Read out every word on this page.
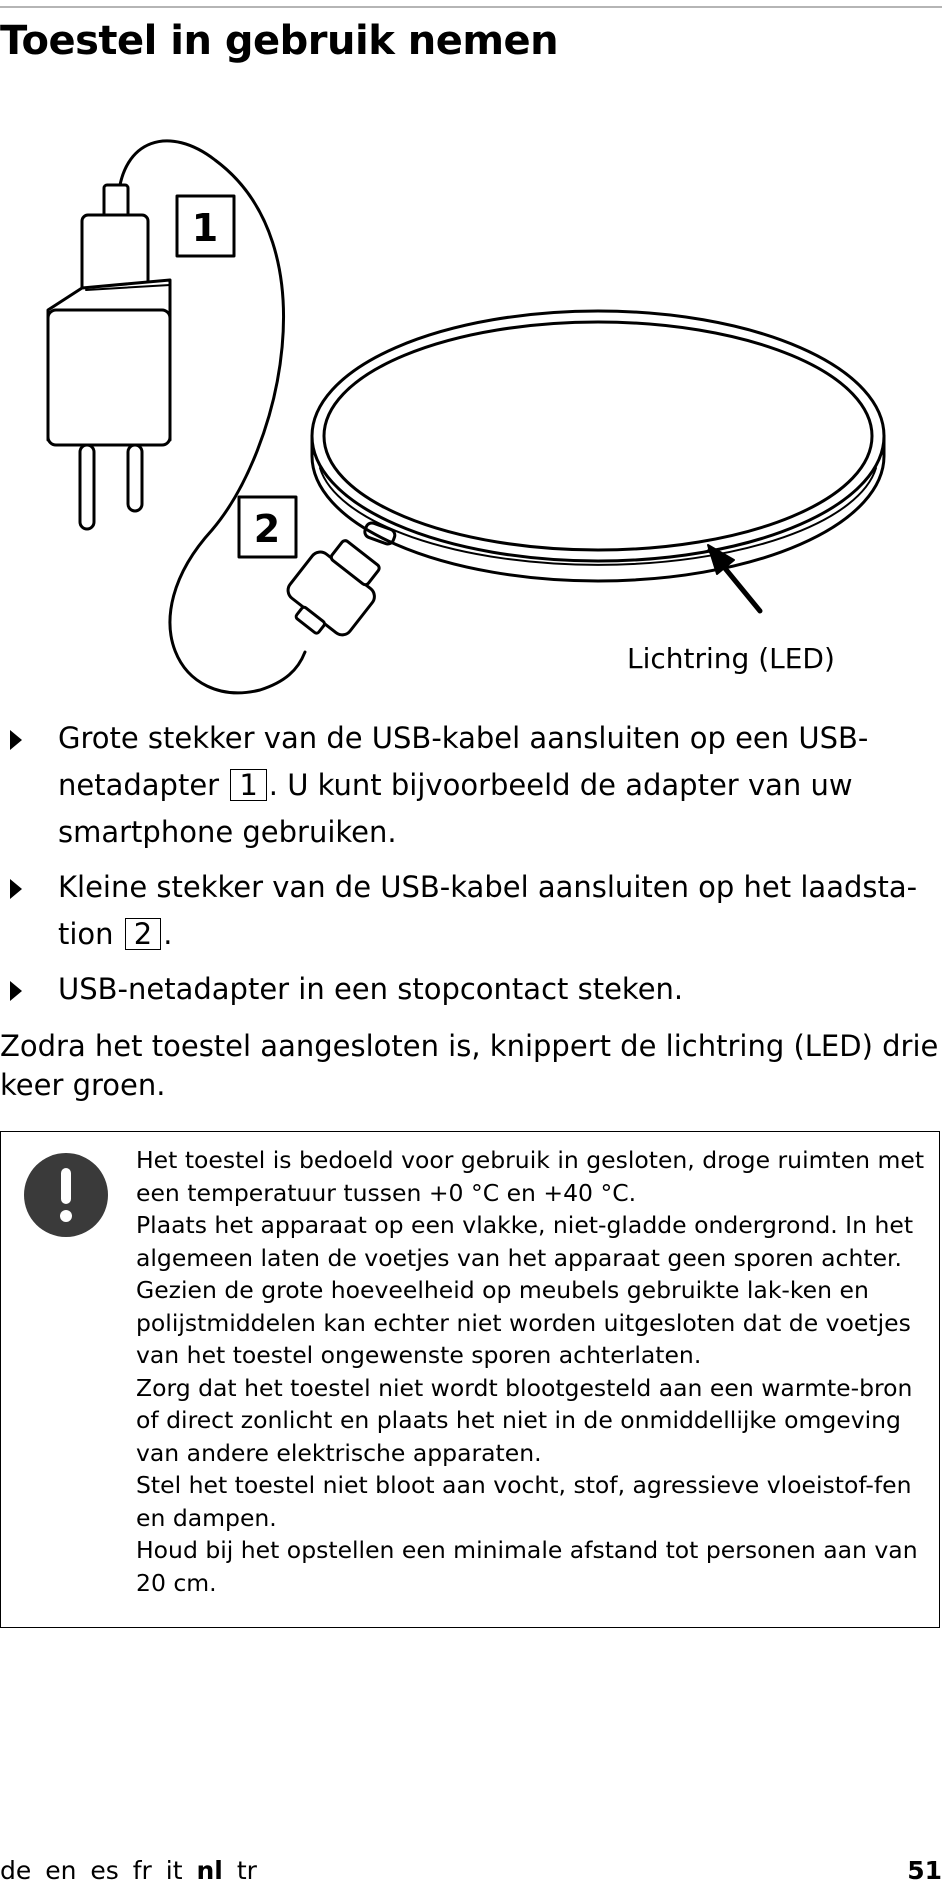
Toestel in gebruik nemen
1
2
Lichtring (LED)
Grote stekker van de USB-kabel aansluiten op een USB-netadapter 1 . U kunt bijvoorbeeld de adapter van uw smartphone gebruiken.
Kleine stekker van de USB-kabel aansluiten op het laadsta-tion 2 .
USB-netadapter in een stopcontact steken.

Zodra het toestel aangesloten is, knippert de lichtring (LED) drie keer groen.

Het toestel is bedoeld voor gebruik in gesloten, droge ruimten met een temperatuur tussen +0 °C en +40 °C.

Plaats het apparaat op een vlakke, niet-gladde ondergrond. In het algemeen laten de voetjes van het apparaat geen sporen achter. Gezien de grote hoeveelheid op meubels gebruikte lak-ken en polijstmiddelen kan echter niet worden uitgesloten dat de voetjes van het toestel ongewenste sporen achterlaten.

Zorg dat het toestel niet wordt blootgesteld aan een warmte-bron of direct zonlicht en plaats het niet in de onmiddellijke omgeving van andere elektrische apparaten.

Stel het toestel niet bloot aan vocht, stof, agressieve vloeistof-fen en dampen.

Houd bij het opstellen een minimale afstand tot personen aan van 20 cm.

de en es fr it nl tr	51
